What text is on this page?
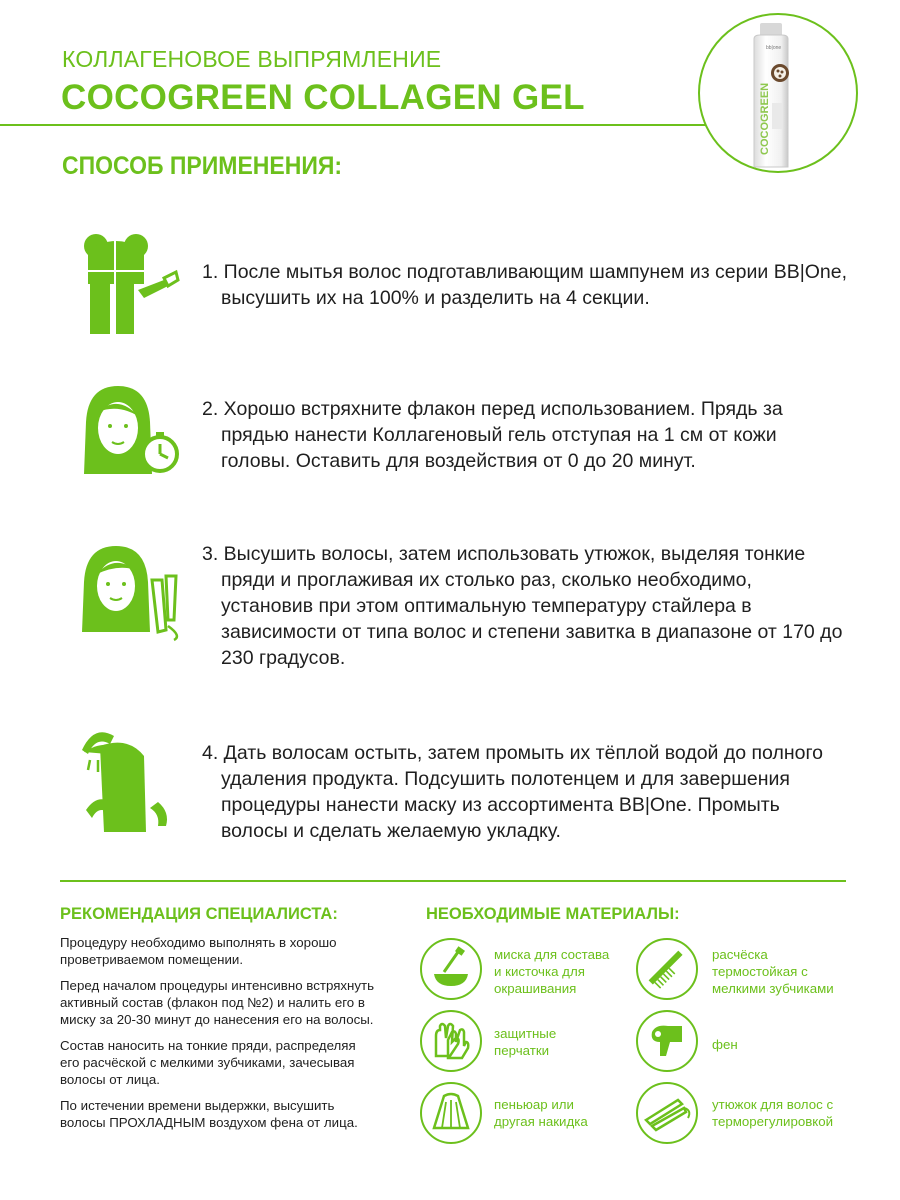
КОЛЛАГЕНОВОЕ ВЫПРЯМЛЕНИЕ
COCOGREEN COLLAGEN GEL
bb|one
COCOGREEN
СПОСОБ ПРИМЕНЕНИЯ:
1. После мытья волос подготавливающим шампунем из серии BB|One,
высушить их на 100% и разделить на 4 секции.
2. Хорошо встряхните флакон перед использованием. Прядь за
прядью нанести Коллагеновый гель отступая на 1 см от кожи
головы. Оставить для воздействия от 0 до 20 минут.
3. Высушить волосы, затем использовать утюжок, выделяя тонкие
пряди и проглаживая их столько раз, сколько необходимо,
установив при этом оптимальную температуру стайлера в
зависимости от типа волос и степени завитка в диапазоне от 170 до
230 градусов.
4. Дать волосам остыть, затем промыть их тёплой водой до полного
удаления продукта. Подсушить полотенцем и для завершения
процедуры нанести маску из ассортимента BB|One. Промыть
волосы и сделать желаемую укладку.
РЕКОМЕНДАЦИЯ СПЕЦИАЛИСТА:

Процедуру необходимо выполнять в хорошо
проветриваемом помещении.

Перед началом процедуры интенсивно встряхнуть
активный состав (флакон под №2) и налить его в
миску за 20-30 минут до нанесения его на волосы.

Состав наносить на тонкие пряди, распределяя
его расчёской с мелкими зубчиками, зачесывая
волосы от лица.

По истечении времени выдержки, высушить
волосы ПРОХЛАДНЫМ воздухом фена от лица.

НЕОБХОДИМЫЕ МАТЕРИАЛЫ:
миска для состава
и кисточка для
окрашивания
расчёска
термостойкая с
мелкими зубчиками
защитные
перчатки	фен
пеньюар или
другая накидка
утюжок для волос с
терморегулировкой
